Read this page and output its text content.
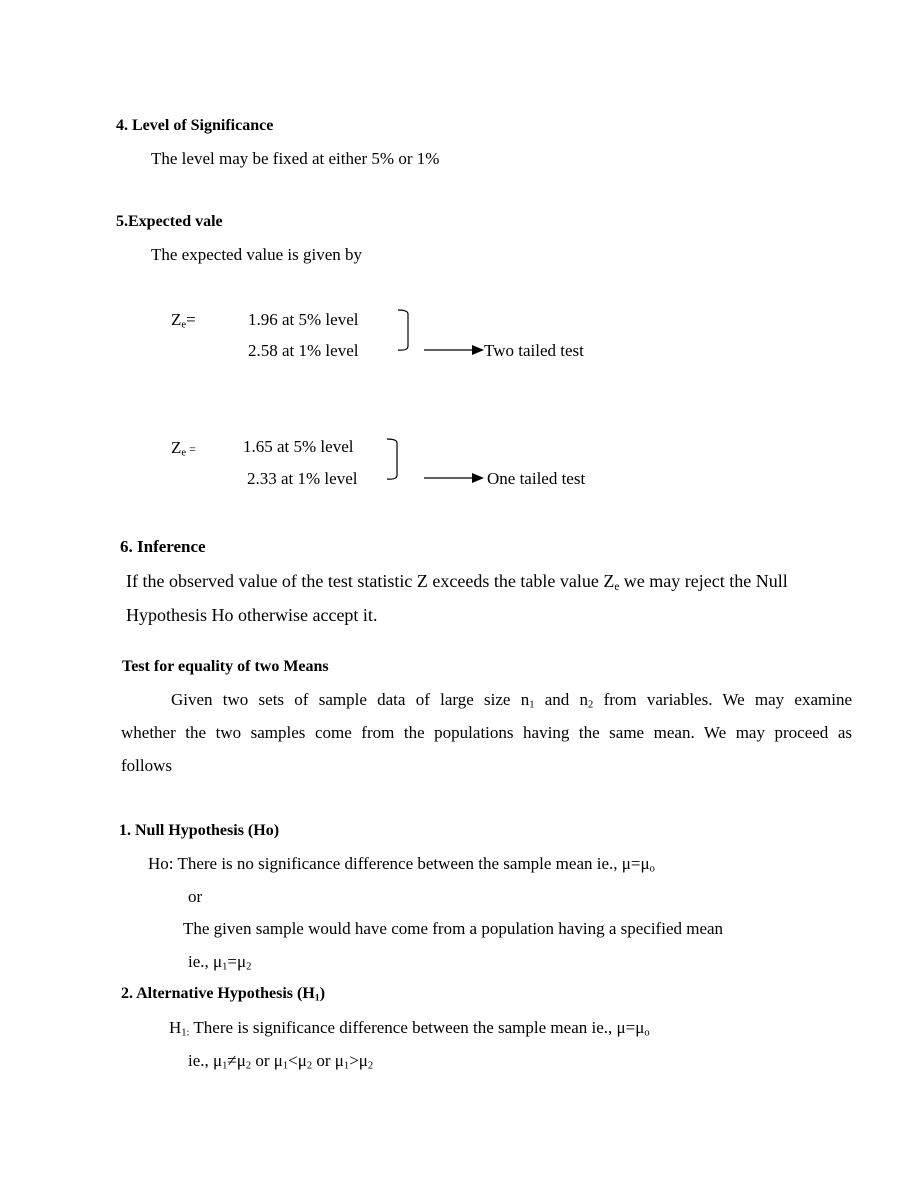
4. Level of Significance
The level may be fixed at either 5% or 1%
5.Expected vale
The expected value is given by
$Z_e=$	1.96 at 5% level
2.58 at 1% level	Two tailed test
$Z_e$ =	1.65 at 5% level
2.33 at 1% level	One tailed test
6. Inference
If the observed value of the test statistic Z exceeds the table value $Z_e$ we may reject the Null
Hypothesis Ho otherwise accept it.
Test for equality of two Means
Given two sets of sample data of large size $n_1$ and $n_2$ from variables. We may examine
whether the two samples come from the populations having the same mean. We may proceed as
follows
1. Null Hypothesis (Ho)
Ho: There is no significance difference between the sample mean ie., $\mu=\mu_o$
or
The given sample would have come from a population having a specified mean
ie., $\mu_1=\mu_2$
2. Alternative Hypothesis $(H_1)$
$H_{1:}$ There is significance difference between the sample mean ie., $\mu=\mu_o$
ie., $\mu_1\ne\mu_2$ or $\mu_1<\mu_2$ or $\mu_1>\mu_2$
